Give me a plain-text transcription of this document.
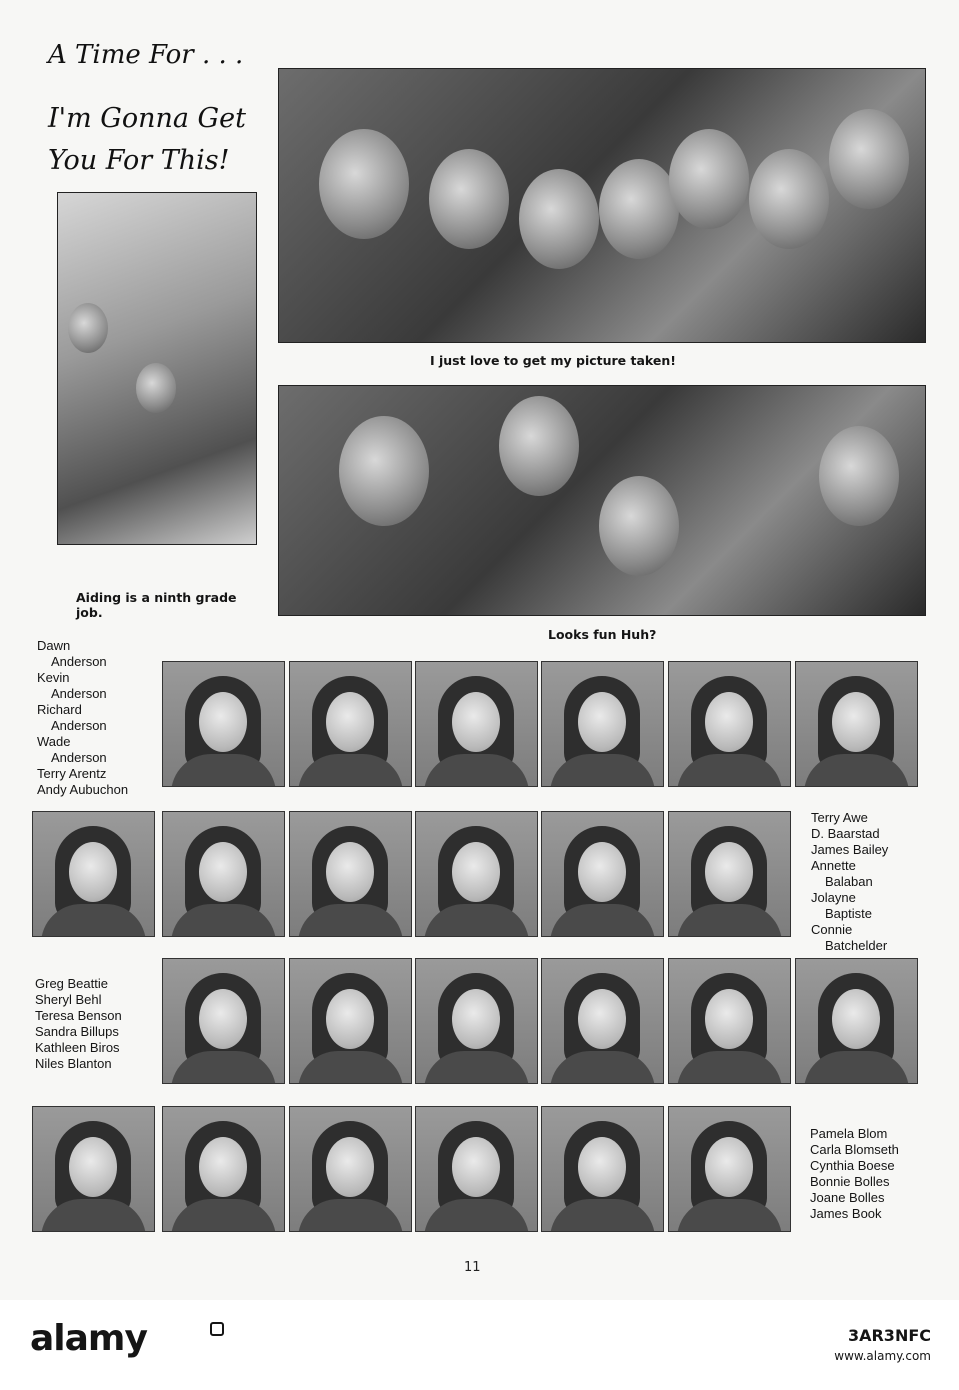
A Time For . . .
I'm Gonna Get
You For This!
I just love to get my picture taken!
Aiding is a ninth grade job.
Looks fun Huh?
Dawn
Anderson
Kevin
Anderson
Richard
Anderson
Wade
Anderson
Terry Arentz
Andy Aubuchon
Terry Awe
D. Baarstad
James Bailey
Annette
Balaban
Jolayne
Baptiste
Connie
Batchelder
Greg Beattie
Sheryl Behl
Teresa Benson
Sandra Billups
Kathleen Biros
Niles Blanton
Pamela Blom
Carla Blomseth
Cynthia Boese
Bonnie Bolles
Joane Bolles
James Book
11
alamy	3AR3NFC
www.alamy.com
